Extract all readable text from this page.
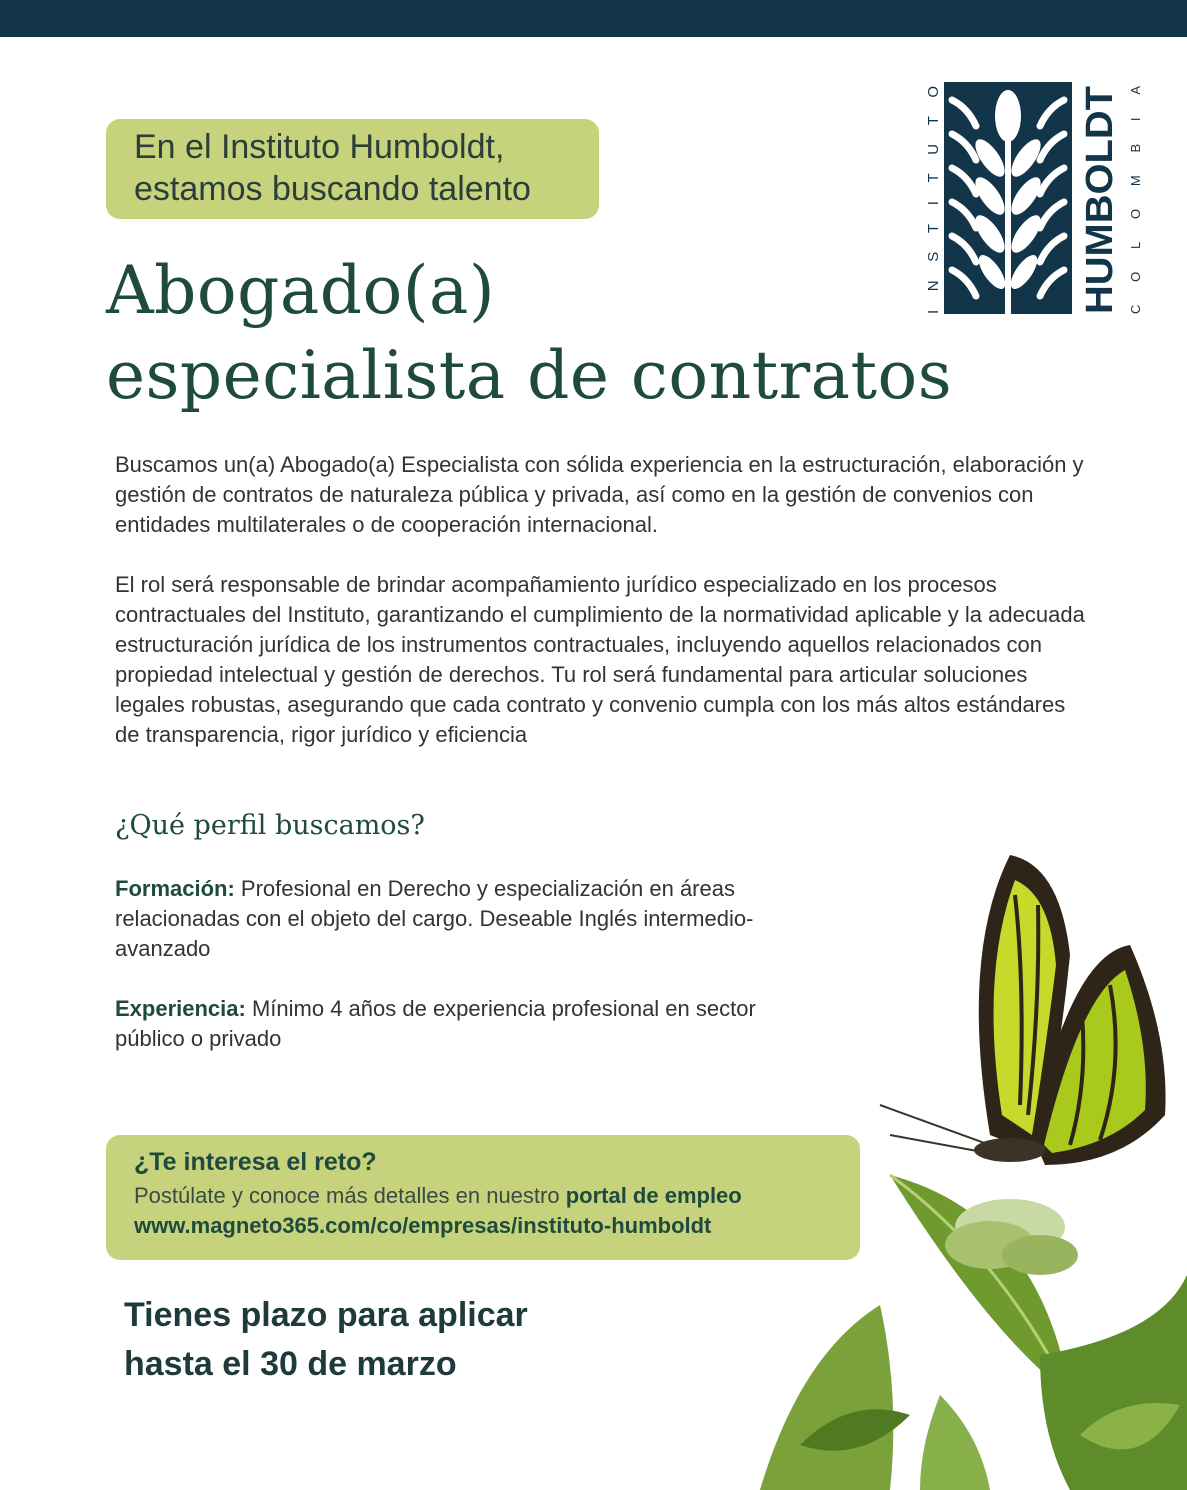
En el Instituto Humboldt,
estamos buscando talento
INSTITUTO
HUMBOLDT COLOMBIA
Abogado(a)
especialista de contratos

Buscamos un(a) Abogado(a) Especialista con sólida experiencia en la estructuración, elaboración y gestión de contratos de naturaleza pública y privada, así como en la gestión de convenios con entidades multilaterales o de cooperación internacional.

El rol será responsable de brindar acompañamiento jurídico especializado en los procesos contractuales del Instituto, garantizando el cumplimiento de la normatividad aplicable y la adecuada estructuración jurídica de los instrumentos contractuales, incluyendo aquellos relacionados con propiedad intelectual y gestión de derechos. Tu rol será fundamental para articular soluciones legales robustas, asegurando que cada contrato y convenio cumpla con los más altos estándares de transparencia, rigor jurídico y eficiencia

¿Qué perfil buscamos?

Formación: Profesional en Derecho y especialización en áreas relacionadas con el objeto del cargo. Deseable Inglés intermedio- avanzado

Experiencia: Mínimo 4 años de experiencia profesional en sector público o privado

¿Te interesa el reto?
Postúlate y conoce más detalles en nuestro portal de empleo
www.magneto365.com/co/empresas/instituto-humboldt
Tienes plazo para aplicar
hasta el 30 de marzo
